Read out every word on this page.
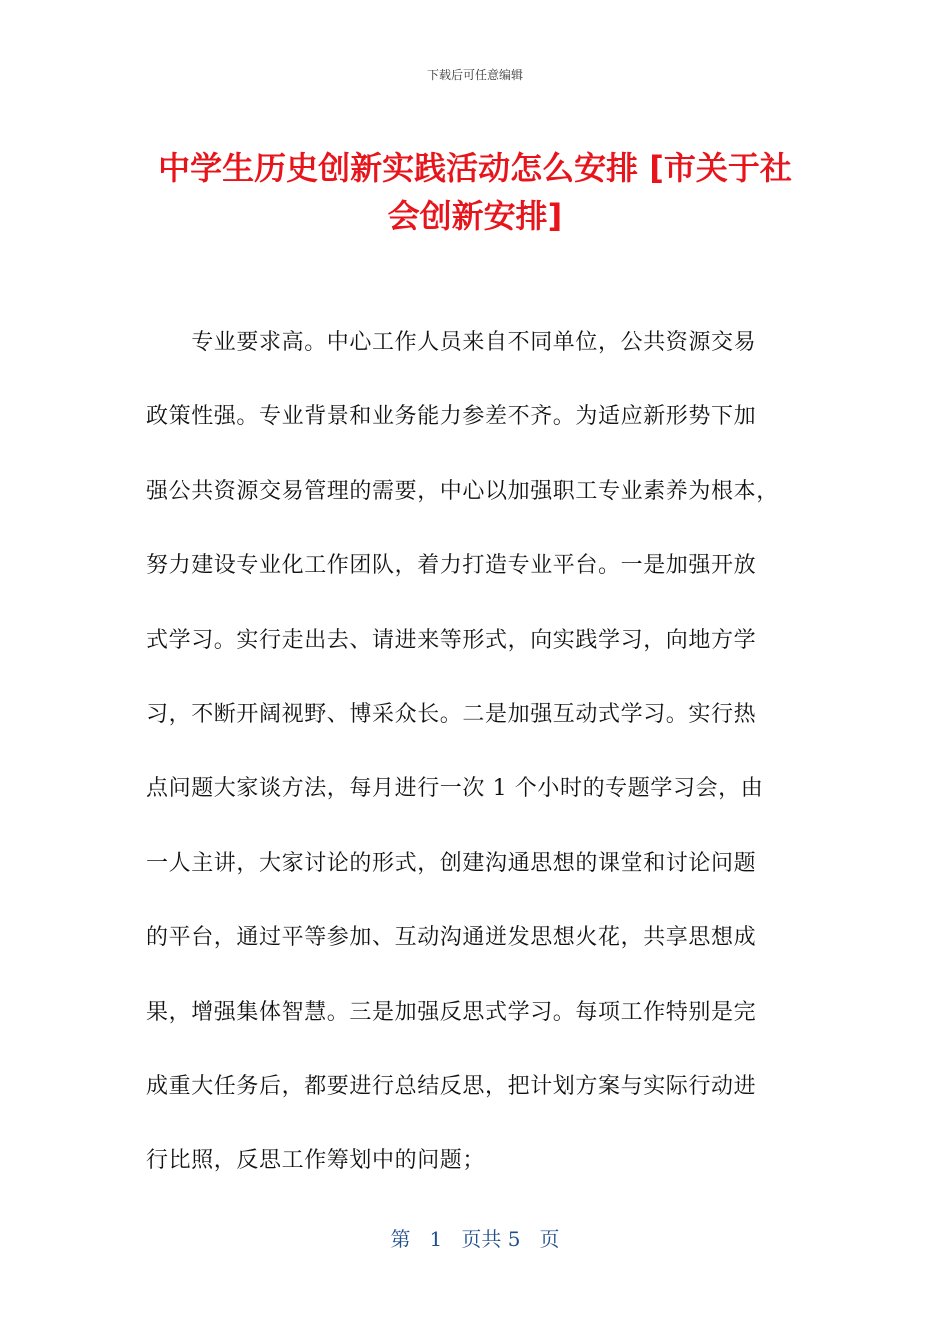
下载后可任意编辑
中学生历史创新实践活动怎么安排 [市关于社
会创新安排]
　　专业要求高。中心工作人员来自不同单位，公共资源交易
政策性强。专业背景和业务能力参差不齐。为适应新形势下加
强公共资源交易管理的需要，中心以加强职工专业素养为根本，
努力建设专业化工作团队，着力打造专业平台。一是加强开放
式学习。实行走出去、请进来等形式，向实践学习，向地方学
习，不断开阔视野、博采众长。二是加强互动式学习。实行热
点问题大家谈方法，每月进行一次 1 个小时的专题学习会，由
一人主讲，大家讨论的形式，创建沟通思想的课堂和讨论问题
的平台，通过平等参加、互动沟通迸发思想火花，共享思想成
果，增强集体智慧。三是加强反思式学习。每项工作特别是完
成重大任务后，都要进行总结反思，把计划方案与实际行动进
行比照，反思工作筹划中的问题；
第 1 页共 5 页
